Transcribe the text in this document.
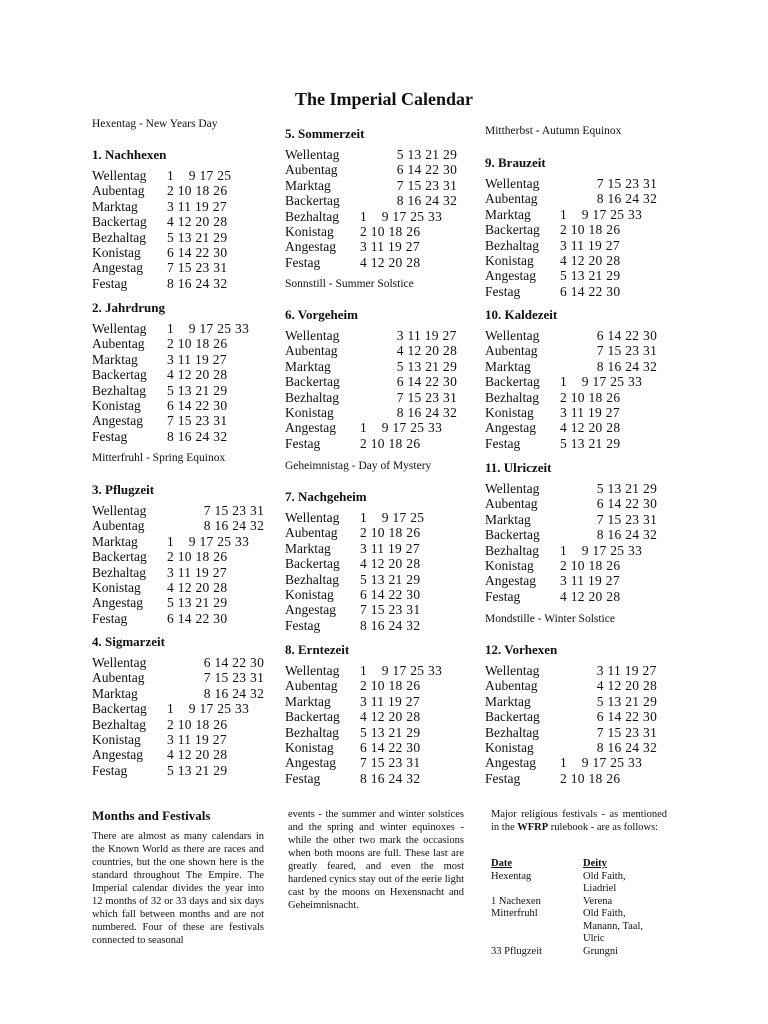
The Imperial Calendar
Hexentag - New Years Day
Mitterfruhl - Spring Equinox
Sonnstill - Summer Solstice
Geheimnistag - Day of Mystery
Mittherbst - Autumn Equinox
Mondstille - Winter Solstice
1. Nachhexen
Wellentag	1    9 17 25
Aubentag	2 10 18 26
Marktag	3 11 19 27
Backertag	4 12 20 28
Bezhaltag	5 13 21 29
Konistag	6 14 22 30
Angestag	7 15 23 31
Festag	8 16 24 32
2. Jahrdrung
Wellentag	1    9 17 25 33
Aubentag	2 10 18 26
Marktag	3 11 19 27
Backertag	4 12 20 28
Bezhaltag	5 13 21 29
Konistag	6 14 22 30
Angestag	7 15 23 31
Festag	8 16 24 32
3. Pflugzeit
Wellentag	7 15 23 31
Aubentag	8 16 24 32
Marktag	1    9 17 25 33
Backertag	2 10 18 26
Bezhaltag	3 11 19 27
Konistag	4 12 20 28
Angestag	5 13 21 29
Festag	6 14 22 30
4. Sigmarzeit
Wellentag	6 14 22 30
Aubentag	7 15 23 31
Marktag	8 16 24 32
Backertag	1    9 17 25 33
Bezhaltag	2 10 18 26
Konistag	3 11 19 27
Angestag	4 12 20 28
Festag	5 13 21 29
5. Sommerzeit
Wellentag	5 13 21 29
Aubentag	6 14 22 30
Marktag	7 15 23 31
Backertag	8 16 24 32
Bezhaltag	1    9 17 25 33
Konistag	2 10 18 26
Angestag	3 11 19 27
Festag	4 12 20 28
6. Vorgeheim
Wellentag	3 11 19 27
Aubentag	4 12 20 28
Marktag	5 13 21 29
Backertag	6 14 22 30
Bezhaltag	7 15 23 31
Konistag	8 16 24 32
Angestag	1    9 17 25 33
Festag	2 10 18 26
7. Nachgeheim
Wellentag	1    9 17 25
Aubentag	2 10 18 26
Marktag	3 11 19 27
Backertag	4 12 20 28
Bezhaltag	5 13 21 29
Konistag	6 14 22 30
Angestag	7 15 23 31
Festag	8 16 24 32
8. Erntezeit
Wellentag	1    9 17 25 33
Aubentag	2 10 18 26
Marktag	3 11 19 27
Backertag	4 12 20 28
Bezhaltag	5 13 21 29
Konistag	6 14 22 30
Angestag	7 15 23 31
Festag	8 16 24 32
9. Brauzeit
Wellentag	7 15 23 31
Aubentag	8 16 24 32
Marktag	1    9 17 25 33
Backertag	2 10 18 26
Bezhaltag	3 11 19 27
Konistag	4 12 20 28
Angestag	5 13 21 29
Festag	6 14 22 30
10. Kaldezeit
Wellentag	6 14 22 30
Aubentag	7 15 23 31
Marktag	8 16 24 32
Backertag	1    9 17 25 33
Bezhaltag	2 10 18 26
Konistag	3 11 19 27
Angestag	4 12 20 28
Festag	5 13 21 29
11. Ulriczeit
Wellentag	5 13 21 29
Aubentag	6 14 22 30
Marktag	7 15 23 31
Backertag	8 16 24 32
Bezhaltag	1    9 17 25 33
Konistag	2 10 18 26
Angestag	3 11 19 27
Festag	4 12 20 28
12. Vorhexen
Wellentag	3 11 19 27
Aubentag	4 12 20 28
Marktag	5 13 21 29
Backertag	6 14 22 30
Bezhaltag	7 15 23 31
Konistag	8 16 24 32
Angestag	1    9 17 25 33
Festag	2 10 18 26
Months and Festivals
There are almost as many calendars in the Known World as there are races and countries, but the one shown here is the standard throughout The Empire. The Imperial calendar divides the year into 12 months of 32 or 33 days and six days which fall between months and are not numbered. Four of these are festivals connected to seasonal
events - the summer and winter solstices and the spring and winter equinoxes - while the other two mark the occasions when both moons are full. These last are greatly feared, and even the most hardened cynics stay out of the eerie light cast by the moons on Hexensnacht and Geheimnisnacht.
Major religious festivals - as mentioned in the WFRP rulebook - are as follows:
Date	Deity
Hexentag	Old Faith, Liadriel
1 Nachexen	Verena
Mitterfruhl	Old Faith, Manann, Taal, Ulric
33 Pflugzeit	Grungni
